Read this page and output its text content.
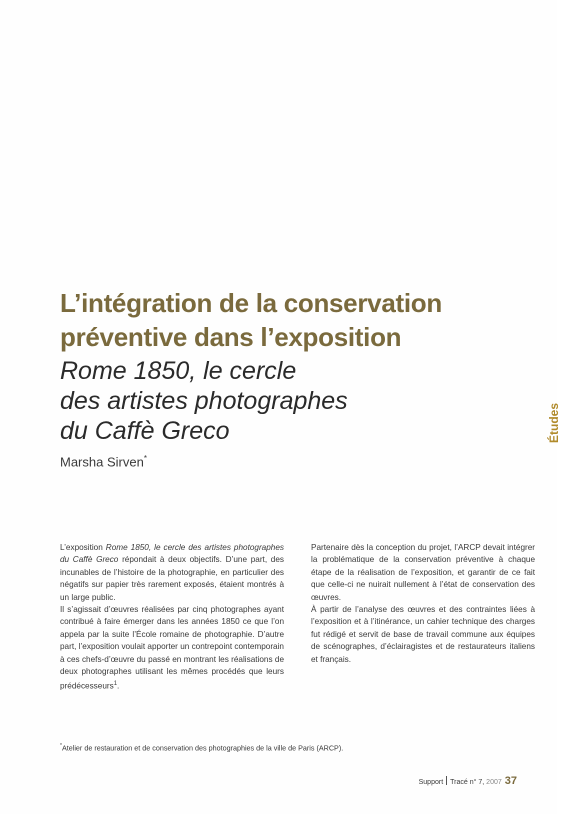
L’intégration de la conservation
préventive dans l’exposition
Rome 1850, le cercle
des artistes photographes
du Caffè Greco
Marsha Sirven*
Études

L’exposition Rome 1850, le cercle des artistes photographes du Caffè Greco répondait à deux objectifs. D’une part, des incunables de l’histoire de la photographie, en particulier des négatifs sur papier très rarement exposés, étaient montrés à un large public.

Il s’agissait d’œuvres réalisées par cinq photographes ayant contribué à faire émerger dans les années 1850 ce que l’on appela par la suite l’École romaine de photographie. D’autre part, l’exposition voulait apporter un contrepoint contemporain à ces chefs-d’œuvre du passé en montrant les réalisations de deux photographes utilisant les mêmes procédés que leurs prédécesseurs$^1$.

Partenaire dès la conception du projet, l’ARCP devait intégrer la problématique de la conservation préventive à chaque étape de la réalisation de l’exposition, et garantir de ce fait que celle-ci ne nuirait nullement à l’état de conservation des œuvres.

À partir de l’analyse des œuvres et des contraintes liées à l’exposition et à l’itinérance, un cahier technique des charges fut rédigé et servit de base de travail commune aux équipes de scénographes, d’éclairagistes et de restaurateurs italiens et français.

*Atelier de restauration et de conservation des photographies de la ville de Paris (ARCP).
Support Tracé n° 7, 2007 37
